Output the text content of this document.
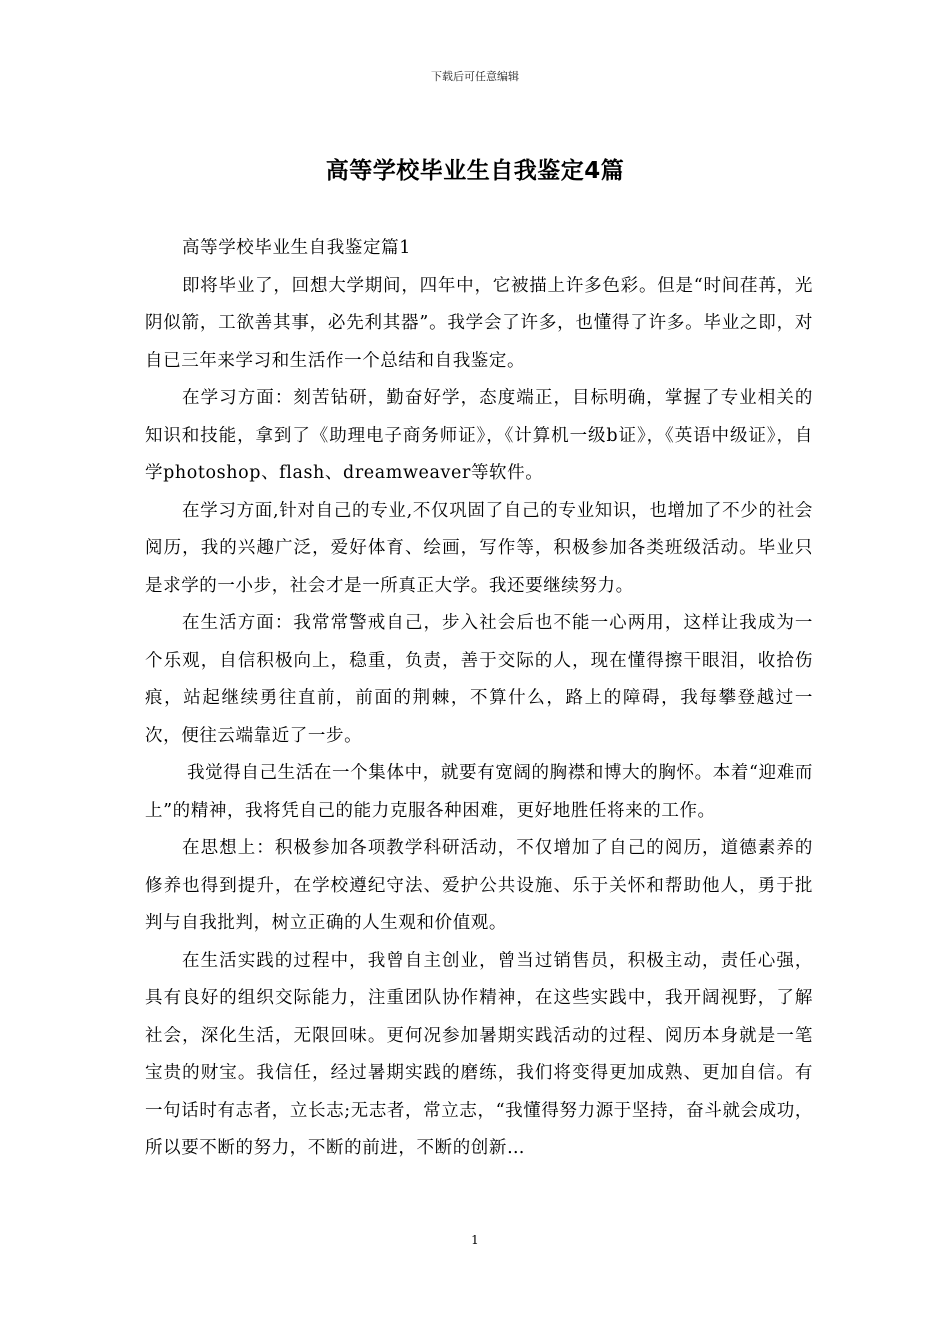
下载后可任意编辑
高等学校毕业生自我鉴定4篇

高等学校毕业生自我鉴定篇1

即将毕业了，回想大学期间，四年中，它被描上许多色彩。但是“时间荏苒，光阴似箭，工欲善其事，必先利其器”。我学会了许多，也懂得了许多。毕业之即，对自已三年来学习和生活作一个总结和自我鉴定。

在学习方面：刻苦钻研，勤奋好学，态度端正，目标明确，掌握了专业相关的知识和技能，拿到了《助理电子商务师证》，《计算机一级b证》，《英语中级证》，自学photoshop、flash、dreamweaver等软件。

在学习方面,针对自己的专业,不仅巩固了自己的专业知识，也增加了不少的社会阅历，我的兴趣广泛，爱好体育、绘画，写作等，积极参加各类班级活动。毕业只是求学的一小步，社会才是一所真正大学。我还要继续努力。

在生活方面：我常常警戒自己，步入社会后也不能一心两用，这样让我成为一个乐观，自信积极向上，稳重，负责，善于交际的人，现在懂得擦干眼泪，收拾伤痕，站起继续勇往直前，前面的荆棘，不算什么，路上的障碍，我每攀登越过一次，便往云端靠近了一步。

我觉得自己生活在一个集体中，就要有宽阔的胸襟和博大的胸怀。本着“迎难而上”的精神，我将凭自己的能力克服各种困难，更好地胜任将来的工作。

在思想上：积极参加各项教学科研活动，不仅增加了自己的阅历，道德素养的修养也得到提升，在学校遵纪守法、爱护公共设施、乐于关怀和帮助他人，勇于批判与自我批判，树立正确的人生观和价值观。

在生活实践的过程中，我曾自主创业，曾当过销售员，积极主动，责任心强，具有良好的组织交际能力，注重团队协作精神，在这些实践中，我开阔视野，了解社会，深化生活，无限回味。更何况参加暑期实践活动的过程、阅历本身就是一笔宝贵的财宝。我信任，经过暑期实践的磨练，我们将变得更加成熟、更加自信。有一句话时有志者，立长志;无志者，常立志，“我懂得努力源于坚持，奋斗就会成功，所以要不断的努力，不断的前进，不断的创新…

1
